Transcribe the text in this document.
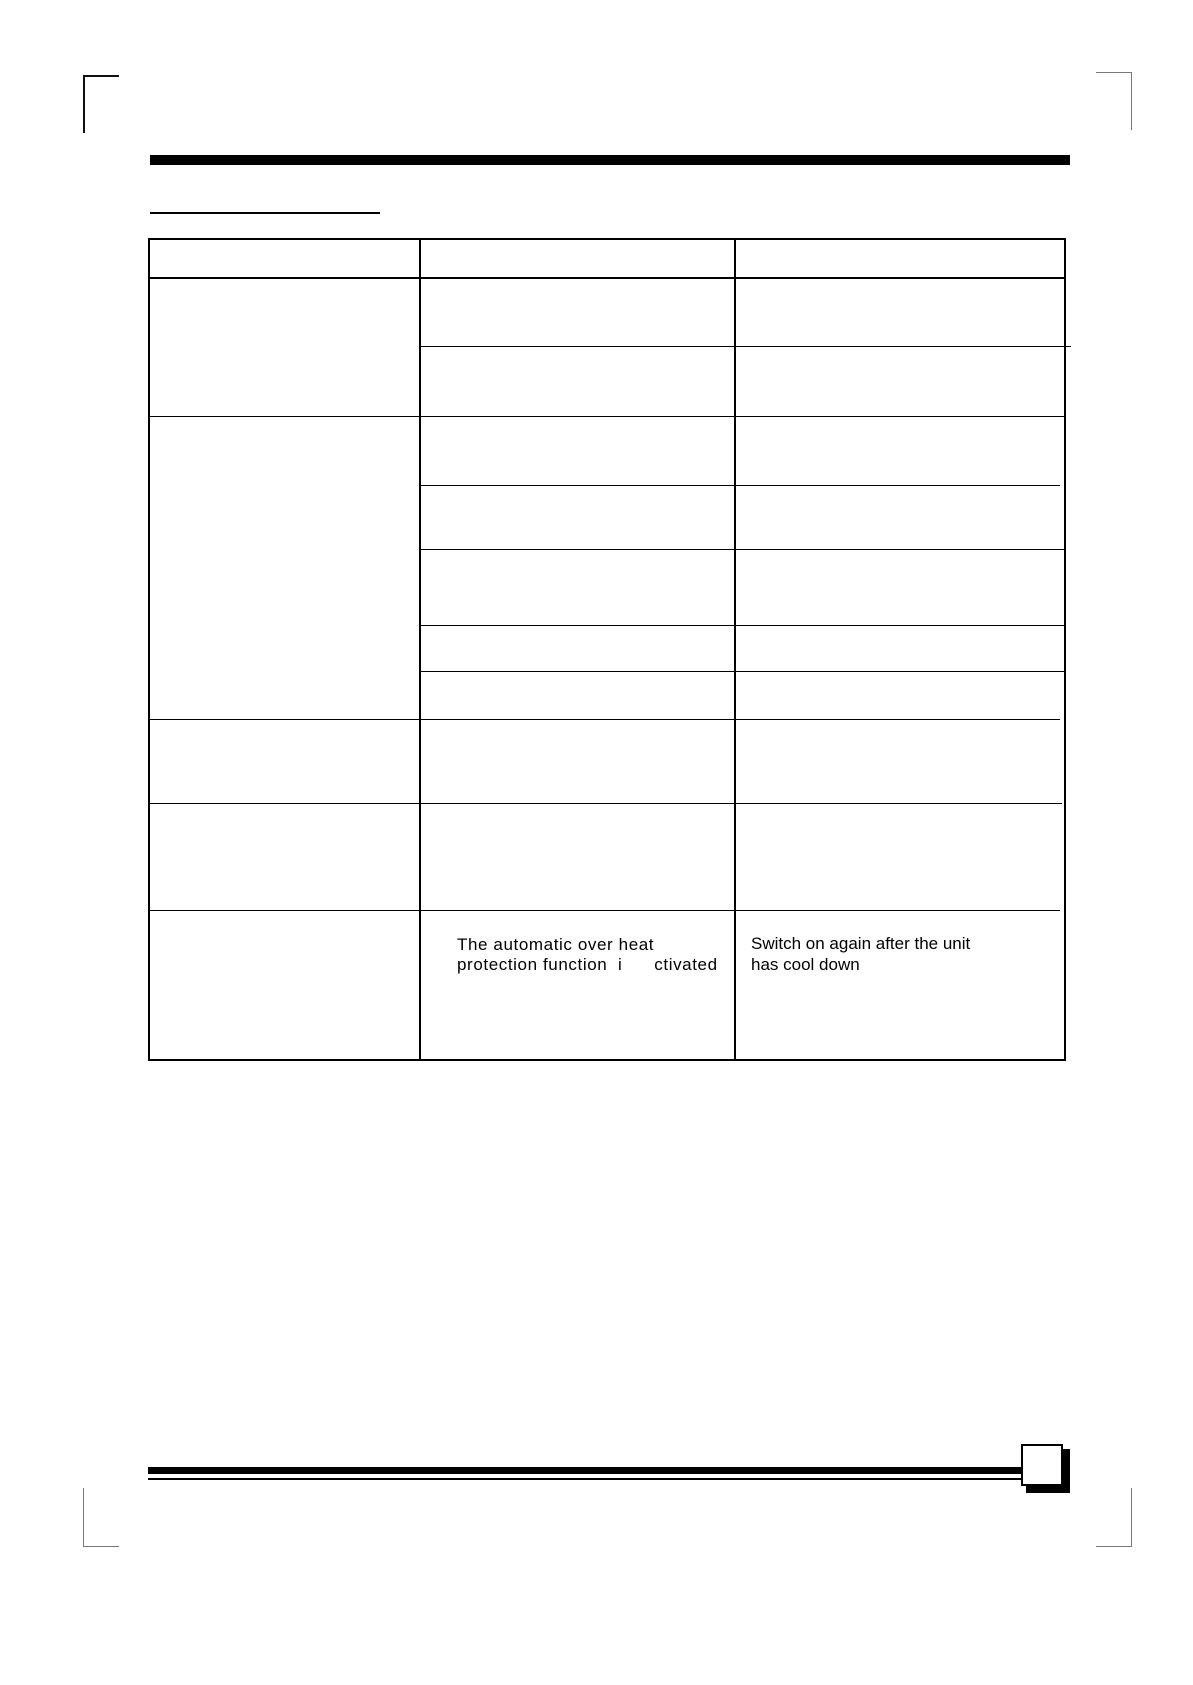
The automatic over heat
protection function  i      ctivated
Switch on again after the unit
has cool down
